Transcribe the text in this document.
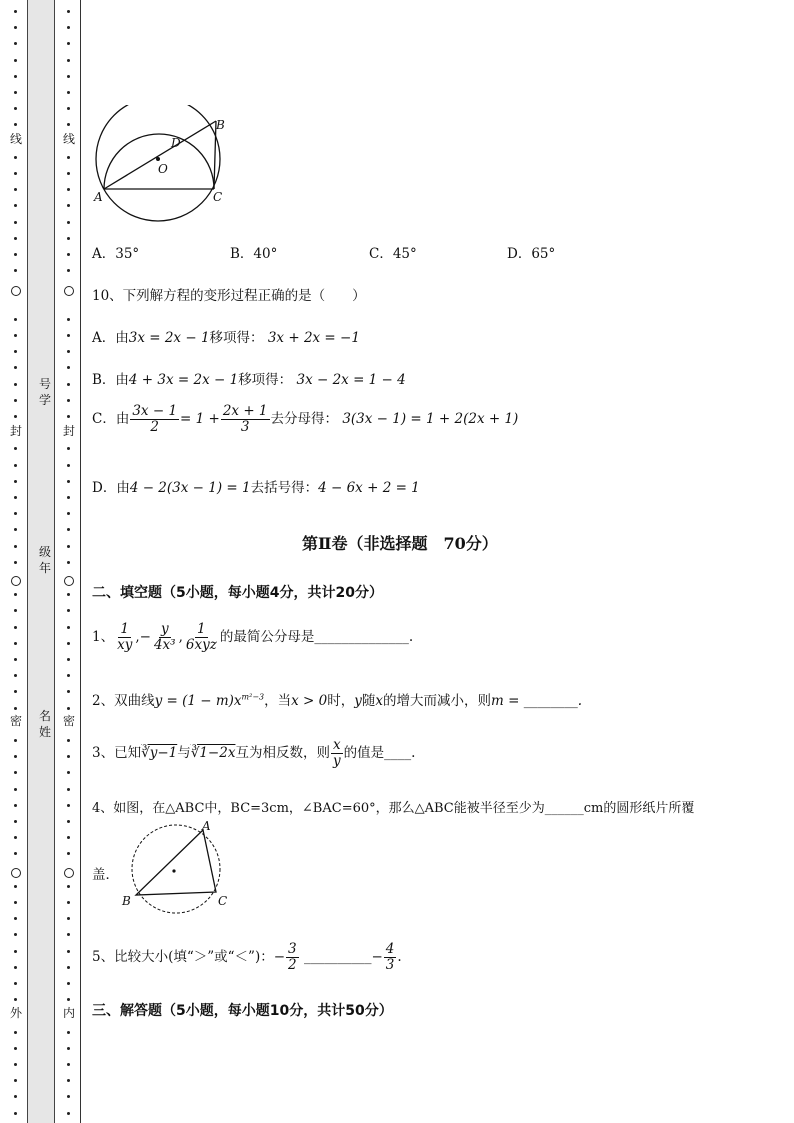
线
封
密
外
号学
级年
名姓
线
封
密
内
A
B
C
D
O
A．35°	B．40°	C．45°	D．65°
10、下列解方程的变形过程正确的是（　　）
A．由3x = 2x − 1移项得： 3x + 2x = −1
B．由4 + 3x = 2x − 1移项得： 3x − 2x = 1 − 4
C．由 $\frac{3x - 1}{2} = 1 + \frac{2x + 1}{3}$ 去分母得： 3(3x − 1) = 1 + 2(2x + 1)
D．由4 − 2(3x − 1) = 1去括号得：4 − 6x + 2 = 1
第Ⅱ卷（非选择题　70分）
二、填空题（5小题，每小题4分，共计20分）
1、 $\frac{1}{xy}$ ,− $\frac{y}{\text{4x³}}$ , $\frac{1}{\text{6xyz}}$ 的最简公分母是______________.
2、双曲线$y = (1 - m)x^{m^2-3}$，当x > 0时，y随x的增大而减小，则m = ________.
3、已知∛y−1与∛1−2x互为相反数，则 $\frac{x}{y}$ 的值是____.
4、如图，在△ABC中，BC=3cm，∠BAC=60°，那么△ABC能被半径至少为______cm的圆形纸片所覆
盖．
A
B	C
5、比较大小(填“＞”或“＜”)：− $\frac{3}{2}$ __________− $\frac{4}{3}$ .
三、解答题（5小题，每小题10分，共计50分）
